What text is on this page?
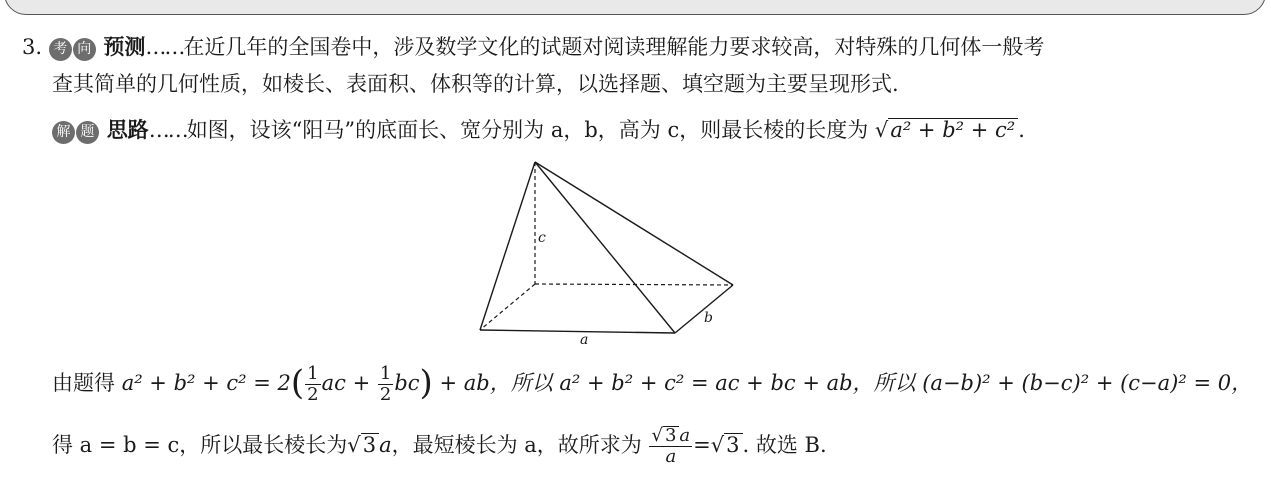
3. 考 向 预测……在近几年的全国卷中，涉及数学文化的试题对阅读理解能力要求较高，对特殊的几何体一般考
查其简单的几何性质，如棱长、表面积、体积等的计算，以选择题、填空题为主要呈现形式.
解 题 思路……如图，设该“阳马”的底面长、宽分别为 a，b，高为 c，则最长棱的长度为 √a² + b² + c² .
c
b
a
由题得 $a^2 + b^2 + c^2 = 2( \frac{1}{2}$ ac + $\frac{1}{2} bc$) + ab，所以 a² + b² + c² = ac + bc + ab，所以 (a−b)² + (b−c)² + (c−a)² = 0，
得 a = b = c，所以最长棱长为√3 a，最短棱长为 a，故所求为 $\frac{√ 3 a}{a} =√3$ . 故选 B.
